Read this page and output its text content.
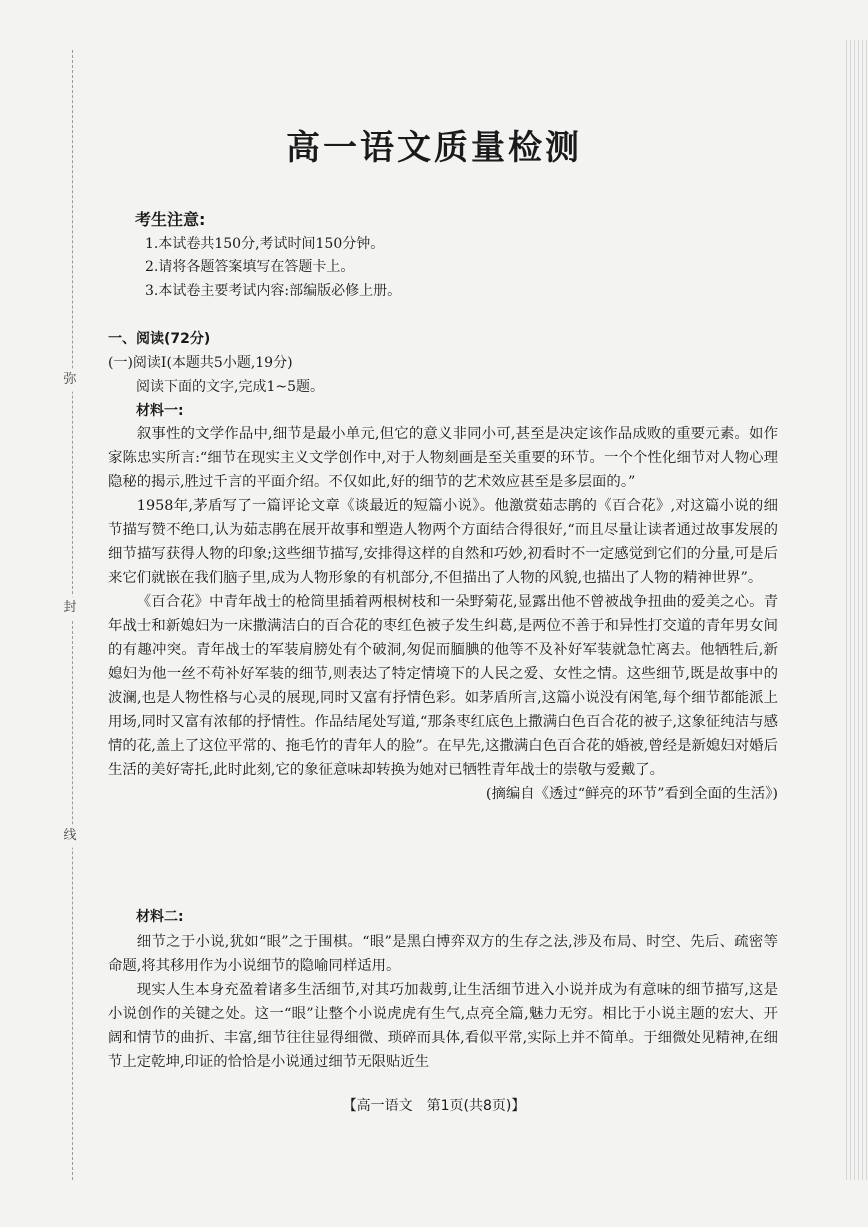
弥
封
线
高一语文质量检测
考生注意:
1.本试卷共150分,考试时间150分钟。
2.请将各题答案填写在答题卡上。
3.本试卷主要考试内容:部编版必修上册。
一、阅读(72分)
(一)阅读Ⅰ(本题共5小题,19分)
阅读下面的文字,完成1~5题。
材料一:

叙事性的文学作品中,细节是最小单元,但它的意义非同小可,甚至是决定该作品成败的重要元素。如作家陈忠实所言:“细节在现实主义文学创作中,对于人物刻画是至关重要的环节。一个个性化细节对人物心理隐秘的揭示,胜过千言的平面介绍。不仅如此,好的细节的艺术效应甚至是多层面的。”

1958年,茅盾写了一篇评论文章《谈最近的短篇小说》。他激赏茹志鹃的《百合花》,对这篇小说的细节描写赞不绝口,认为茹志鹃在展开故事和塑造人物两个方面结合得很好,“而且尽量让读者通过故事发展的细节描写获得人物的印象;这些细节描写,安排得这样的自然和巧妙,初看时不一定感觉到它们的分量,可是后来它们就嵌在我们脑子里,成为人物形象的有机部分,不但描出了人物的风貌,也描出了人物的精神世界”。

《百合花》中青年战士的枪筒里插着两根树枝和一朵野菊花,显露出他不曾被战争扭曲的爱美之心。青年战士和新媳妇为一床撒满洁白的百合花的枣红色被子发生纠葛,是两位不善于和异性打交道的青年男女间的有趣冲突。青年战士的军装肩膀处有个破洞,匆促而腼腆的他等不及补好军装就急忙离去。他牺牲后,新媳妇为他一丝不苟补好军装的细节,则表达了特定情境下的人民之爱、女性之情。这些细节,既是故事中的波澜,也是人物性格与心灵的展现,同时又富有抒情色彩。如茅盾所言,这篇小说没有闲笔,每个细节都能派上用场,同时又富有浓郁的抒情性。作品结尾处写道,“那条枣红底色上撒满白色百合花的被子,这象征纯洁与感情的花,盖上了这位平常的、拖毛竹的青年人的脸”。在早先,这撒满白色百合花的婚被,曾经是新媳妇对婚后生活的美好寄托,此时此刻,它的象征意味却转换为她对已牺牲青年战士的崇敬与爱戴了。

(摘编自《透过“鲜亮的环节”看到全面的生活》)

材料二:

细节之于小说,犹如“眼”之于围棋。“眼”是黑白博弈双方的生存之法,涉及布局、时空、先后、疏密等命题,将其移用作为小说细节的隐喻同样适用。

现实人生本身充盈着诸多生活细节,对其巧加裁剪,让生活细节进入小说并成为有意味的细节描写,这是小说创作的关键之处。这一“眼”让整个小说虎虎有生气,点亮全篇,魅力无穷。相比于小说主题的宏大、开阔和情节的曲折、丰富,细节往往显得细微、琐碎而具体,看似平常,实际上并不简单。于细微处见精神,在细节上定乾坤,印证的恰恰是小说通过细节无限贴近生

【高一语文　第1页(共8页)】
